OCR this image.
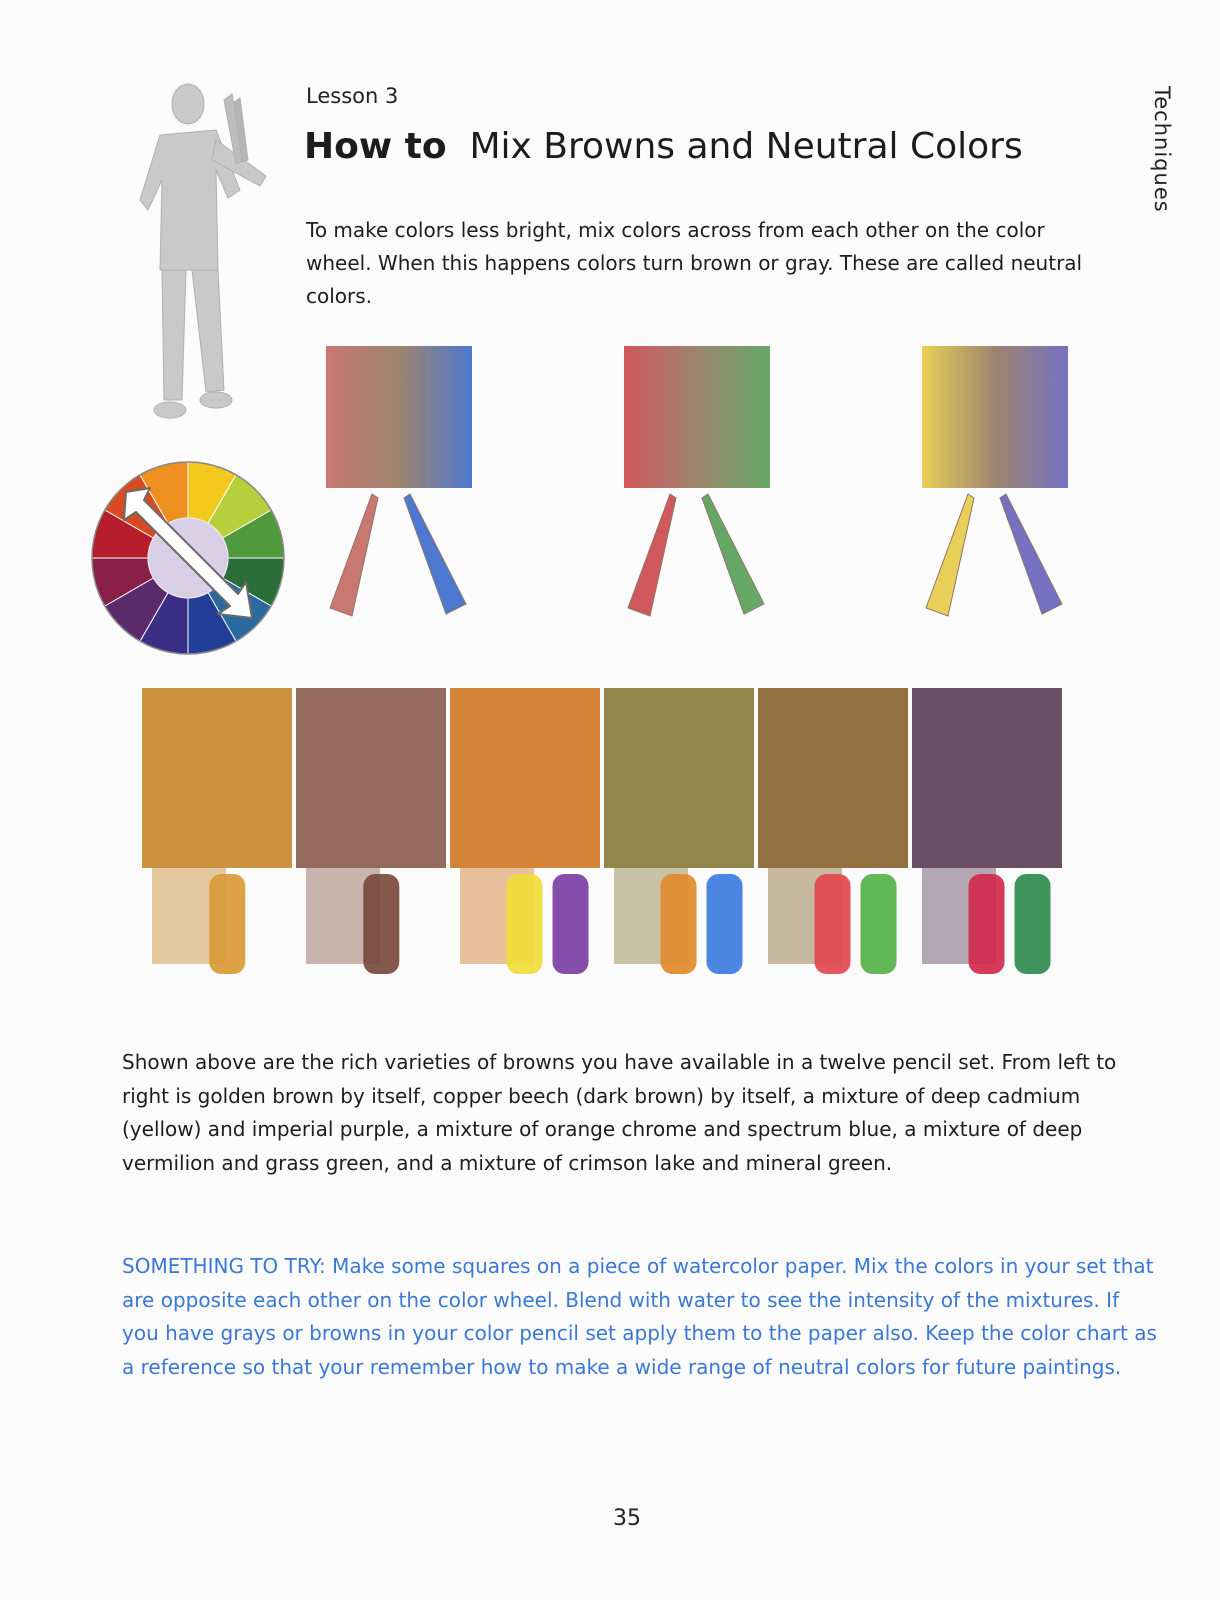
Lesson 3
How to Mix Browns and Neutral Colors	Techniques
To make colors less bright, mix colors across from each other on the color wheel. When this happens colors turn brown or gray. These are called neutral colors.
Shown above are the rich varieties of browns you have available in a twelve pencil set. From left to right is golden brown by itself, copper beech (dark brown) by itself, a mixture of deep cadmium (yellow) and imperial purple, a mixture of orange chrome and spectrum blue, a mixture of deep vermilion and grass green, and a mixture of crimson lake and mineral green.
SOMETHING TO TRY: Make some squares on a piece of watercolor paper. Mix the colors in your set that are opposite each other on the color wheel. Blend with water to see the intensity of the mixtures. If you have grays or browns in your color pencil set apply them to the paper also. Keep the color chart as a reference so that your remember how to make a wide range of neutral colors for future paintings.
35
